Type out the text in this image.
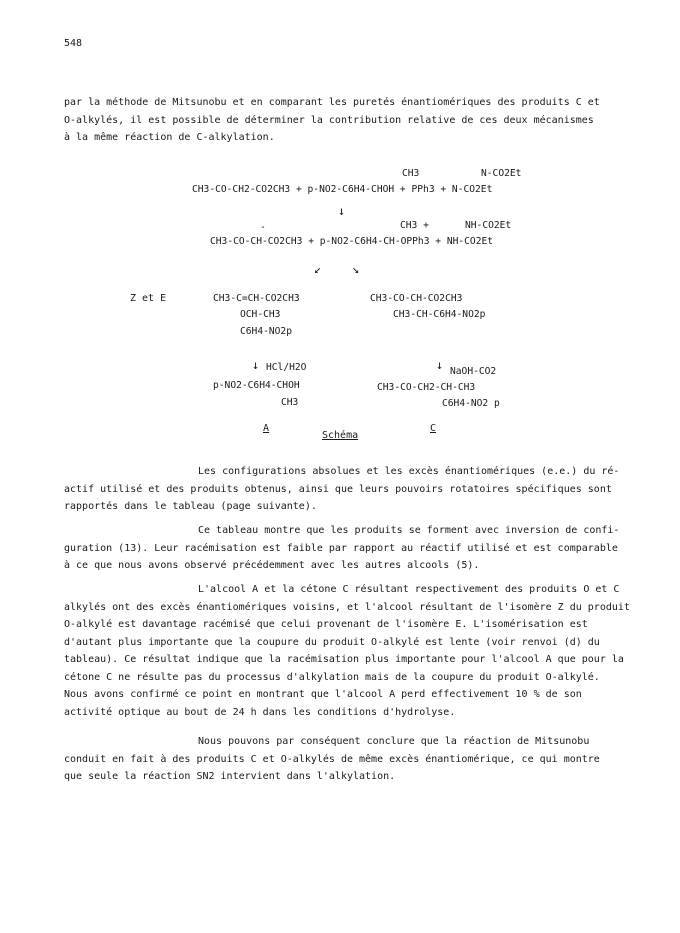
548
par la méthode de Mitsunobu et en comparant les puretés énantiomériques des produits C et
O-alkylés, il est possible de déterminer la contribution relative de ces deux mécanismes
à la même réaction de C-alkylation.
CH3	N-CO2Et
CH3-CO-CH2-CO2CH3 + p-NO2-C6H4-CHOH + PPh3 + N-CO2Et
↓
-	CH3 +	NH-CO2Et
CH3-CO-CH-CO2CH3 + p-NO2-C6H4-CH-OPPh3 + NH-CO2Et
↙	↘
Z et E	CH3-C=CH-CO2CH3
OCH-CH3
C6H4-NO2p
CH3-CO-CH-CO2CH3
CH3-CH-C6H4-NO2p
↓ HCl/H2O	↓ NaOH-CO2
p-NO2-C6H4-CHOH
CH3
CH3-CO-CH2-CH-CH3
C6H4-NO2 p
A
Schéma
C
Les configurations absolues et les excès énantiomériques (e.e.) du ré-
actif utilisé et des produits obtenus, ainsi que leurs pouvoirs rotatoires spécifiques sont
rapportés dans le tableau (page suivante).
Ce tableau montre que les produits se forment avec inversion de confi-
guration (13). Leur racémisation est faible par rapport au réactif utilisé et est comparable
à ce que nous avons observé précédemment avec les autres alcools (5).
L'alcool A et la cétone C résultant respectivement des produits O et C
alkylés ont des excès énantiomériques voisins, et l'alcool résultant de l'isomère Z du produit
O-alkylé est davantage racémisé que celui provenant de l'isomère E. L'isomérisation est
d'autant plus importante que la coupure du produit O-alkylé est lente (voir renvoi (d) du
tableau). Ce résultat indique que la racémisation plus importante pour l'alcool A que pour la
cétone C ne résulte pas du processus d'alkylation mais de la coupure du produit O-alkylé.
Nous avons confirmé ce point en montrant que l'alcool A perd effectivement 10 % de son
activité optique au bout de 24 h dans les conditions d'hydrolyse.
Nous pouvons par conséquent conclure que la réaction de Mitsunobu
conduit en fait à des produits C et O-alkylés de même excès énantiomérique, ce qui montre
que seule la réaction SN2 intervient dans l'alkylation.
